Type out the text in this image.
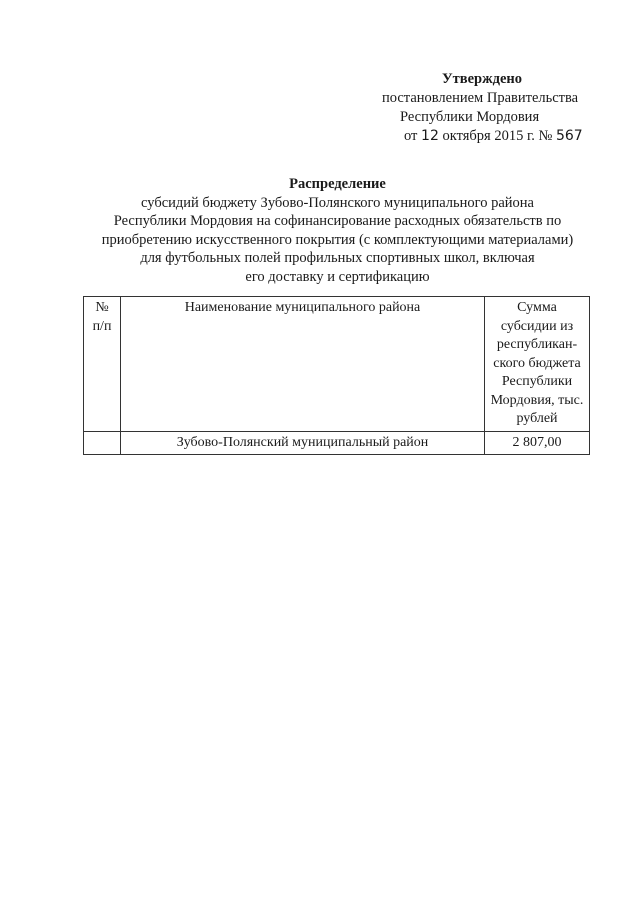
Утверждено
постановлением Правительства
Республики Мордовия
от 12 октября 2015 г. № 567
Распределение
субсидий бюджету Зубово-Полянского муниципального района
Республики Мордовия на софинансирование расходных обязательств по
приобретению искусственного покрытия (с комплектующими материалами)
для футбольных полей профильных спортивных школ, включая
его доставку и сертификацию
№ п/п	Наименование муниципального района	Сумма субсидии из республикан-ского бюджета Республики Мордовия, тыс. рублей
	Зубово-Полянский муниципальный район	2 807,00
